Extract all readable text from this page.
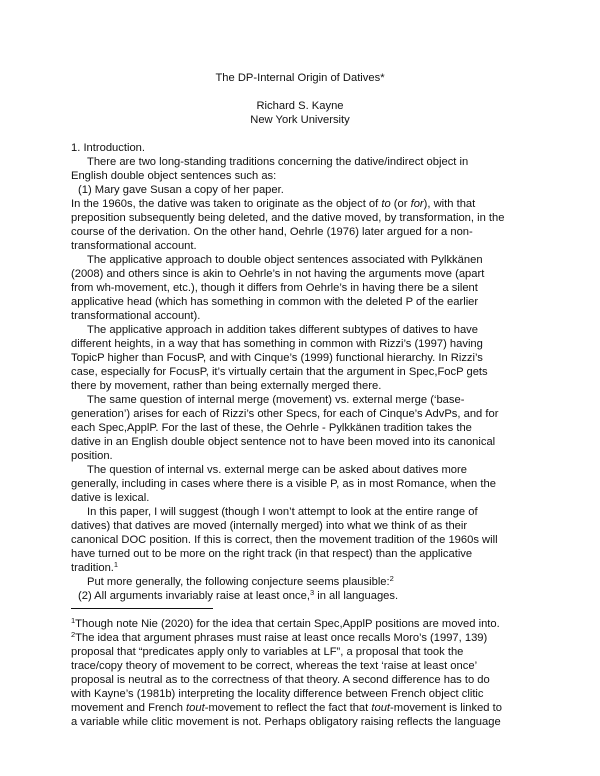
The DP-Internal Origin of Datives*
Richard S. Kayne
New York University
1. Introduction.
There are two long-standing traditions concerning the dative/indirect object in
English double object sentences such as:
(1) Mary gave Susan a copy of her paper.
In the 1960s, the dative was taken to originate as the object of to (or for), with that
preposition subsequently being deleted, and the dative moved, by transformation, in the
course of the derivation. On the other hand, Oehrle (1976) later argued for a non-
transformational account.
The applicative approach to double object sentences associated with Pylkkänen
(2008) and others since is akin to Oehrle’s in not having the arguments move (apart
from wh-movement, etc.), though it differs from Oehrle’s in having there be a silent
applicative head (which has something in common with the deleted P of the earlier
transformational account).
The applicative approach in addition takes different subtypes of datives to have
different heights, in a way that has something in common with Rizzi’s (1997) having
TopicP higher than FocusP, and with Cinque’s (1999) functional hierarchy. In Rizzi’s
case, especially for FocusP, it’s virtually certain that the argument in Spec,FocP gets
there by movement, rather than being externally merged there.
The same question of internal merge (movement) vs. external merge (‘base-
generation’) arises for each of Rizzi’s other Specs, for each of Cinque’s AdvPs, and for
each Spec,ApplP. For the last of these, the Oehrle - Pylkkänen tradition takes the
dative in an English double object sentence not to have been moved into its canonical
position.
The question of internal vs. external merge can be asked about datives more
generally, including in cases where there is a visible P, as in most Romance, when the
dative is lexical.
In this paper, I will suggest (though I won’t attempt to look at the entire range of
datives) that datives are moved (internally merged) into what we think of as their
canonical DOC position. If this is correct, then the movement tradition of the 1960s will
have turned out to be more on the right track (in that respect) than the applicative
tradition.$^1$
Put more generally, the following conjecture seems plausible:$^2$
(2) All arguments invariably raise at least once,$^3$ in all languages.
$^1$Though note Nie (2020) for the idea that certain Spec,ApplP positions are moved into.
$^2$The idea that argument phrases must raise at least once recalls Moro’s (1997, 139)
proposal that “predicates apply only to variables at LF”, a proposal that took the
trace/copy theory of movement to be correct, whereas the text ‘raise at least once’
proposal is neutral as to the correctness of that theory. A second difference has to do
with Kayne’s (1981b) interpreting the locality difference between French object clitic
movement and French tout-movement to reflect the fact that tout-movement is linked to
a variable while clitic movement is not. Perhaps obligatory raising reflects the language
